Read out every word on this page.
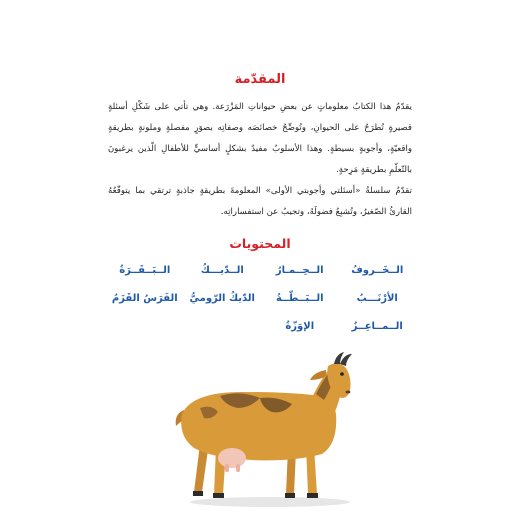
المقدّمة

يقدّمُ هذا الكتابُ معلوماتٍ عن بعضِ حيواناتِ المَزْرَعة. وهي تأتي على شَكْلِ أسئلةٍ قصيرةٍ تُطرَحُ على الحيوانِ، وتُوضِّحُ خصائصَه وصفاتِه بصوَرٍ مفصلةٍ وملونةٍ بطريقةٍ واقعيّةٍ، وأجوبةٍ بسيطةٍ. وهذا الأسلوبُ مفيدٌ بشكلٍ أساسيٍّ للأطفالِ الّذين يرغبونَ بالتّعلّمِ بطريقةٍ مَرِحةٍ.

تقدّمُ سلسلةُ «أسئلتي وأجوبتي الأولى» المعلومةَ بطريقةٍ جاذبةٍ ترتقي بما يتوقّعُهُ القارئُ الصّغيرُ، وتُشبِعُ فضولَهُ، وتجيبُ عن استفساراتِه.

المحتويات
الــخَــروفُ
الــحِــمـارُ
الــدّيـــكُ
الــبَــقَــرَةُ
الأرْنَـــبُ
الــبَــطّــةُ
الدّيكُ الرّوميُّ
الفَرَسُ القَزَمُ
الــمــاعِــزُ
الإوَزّةُ
